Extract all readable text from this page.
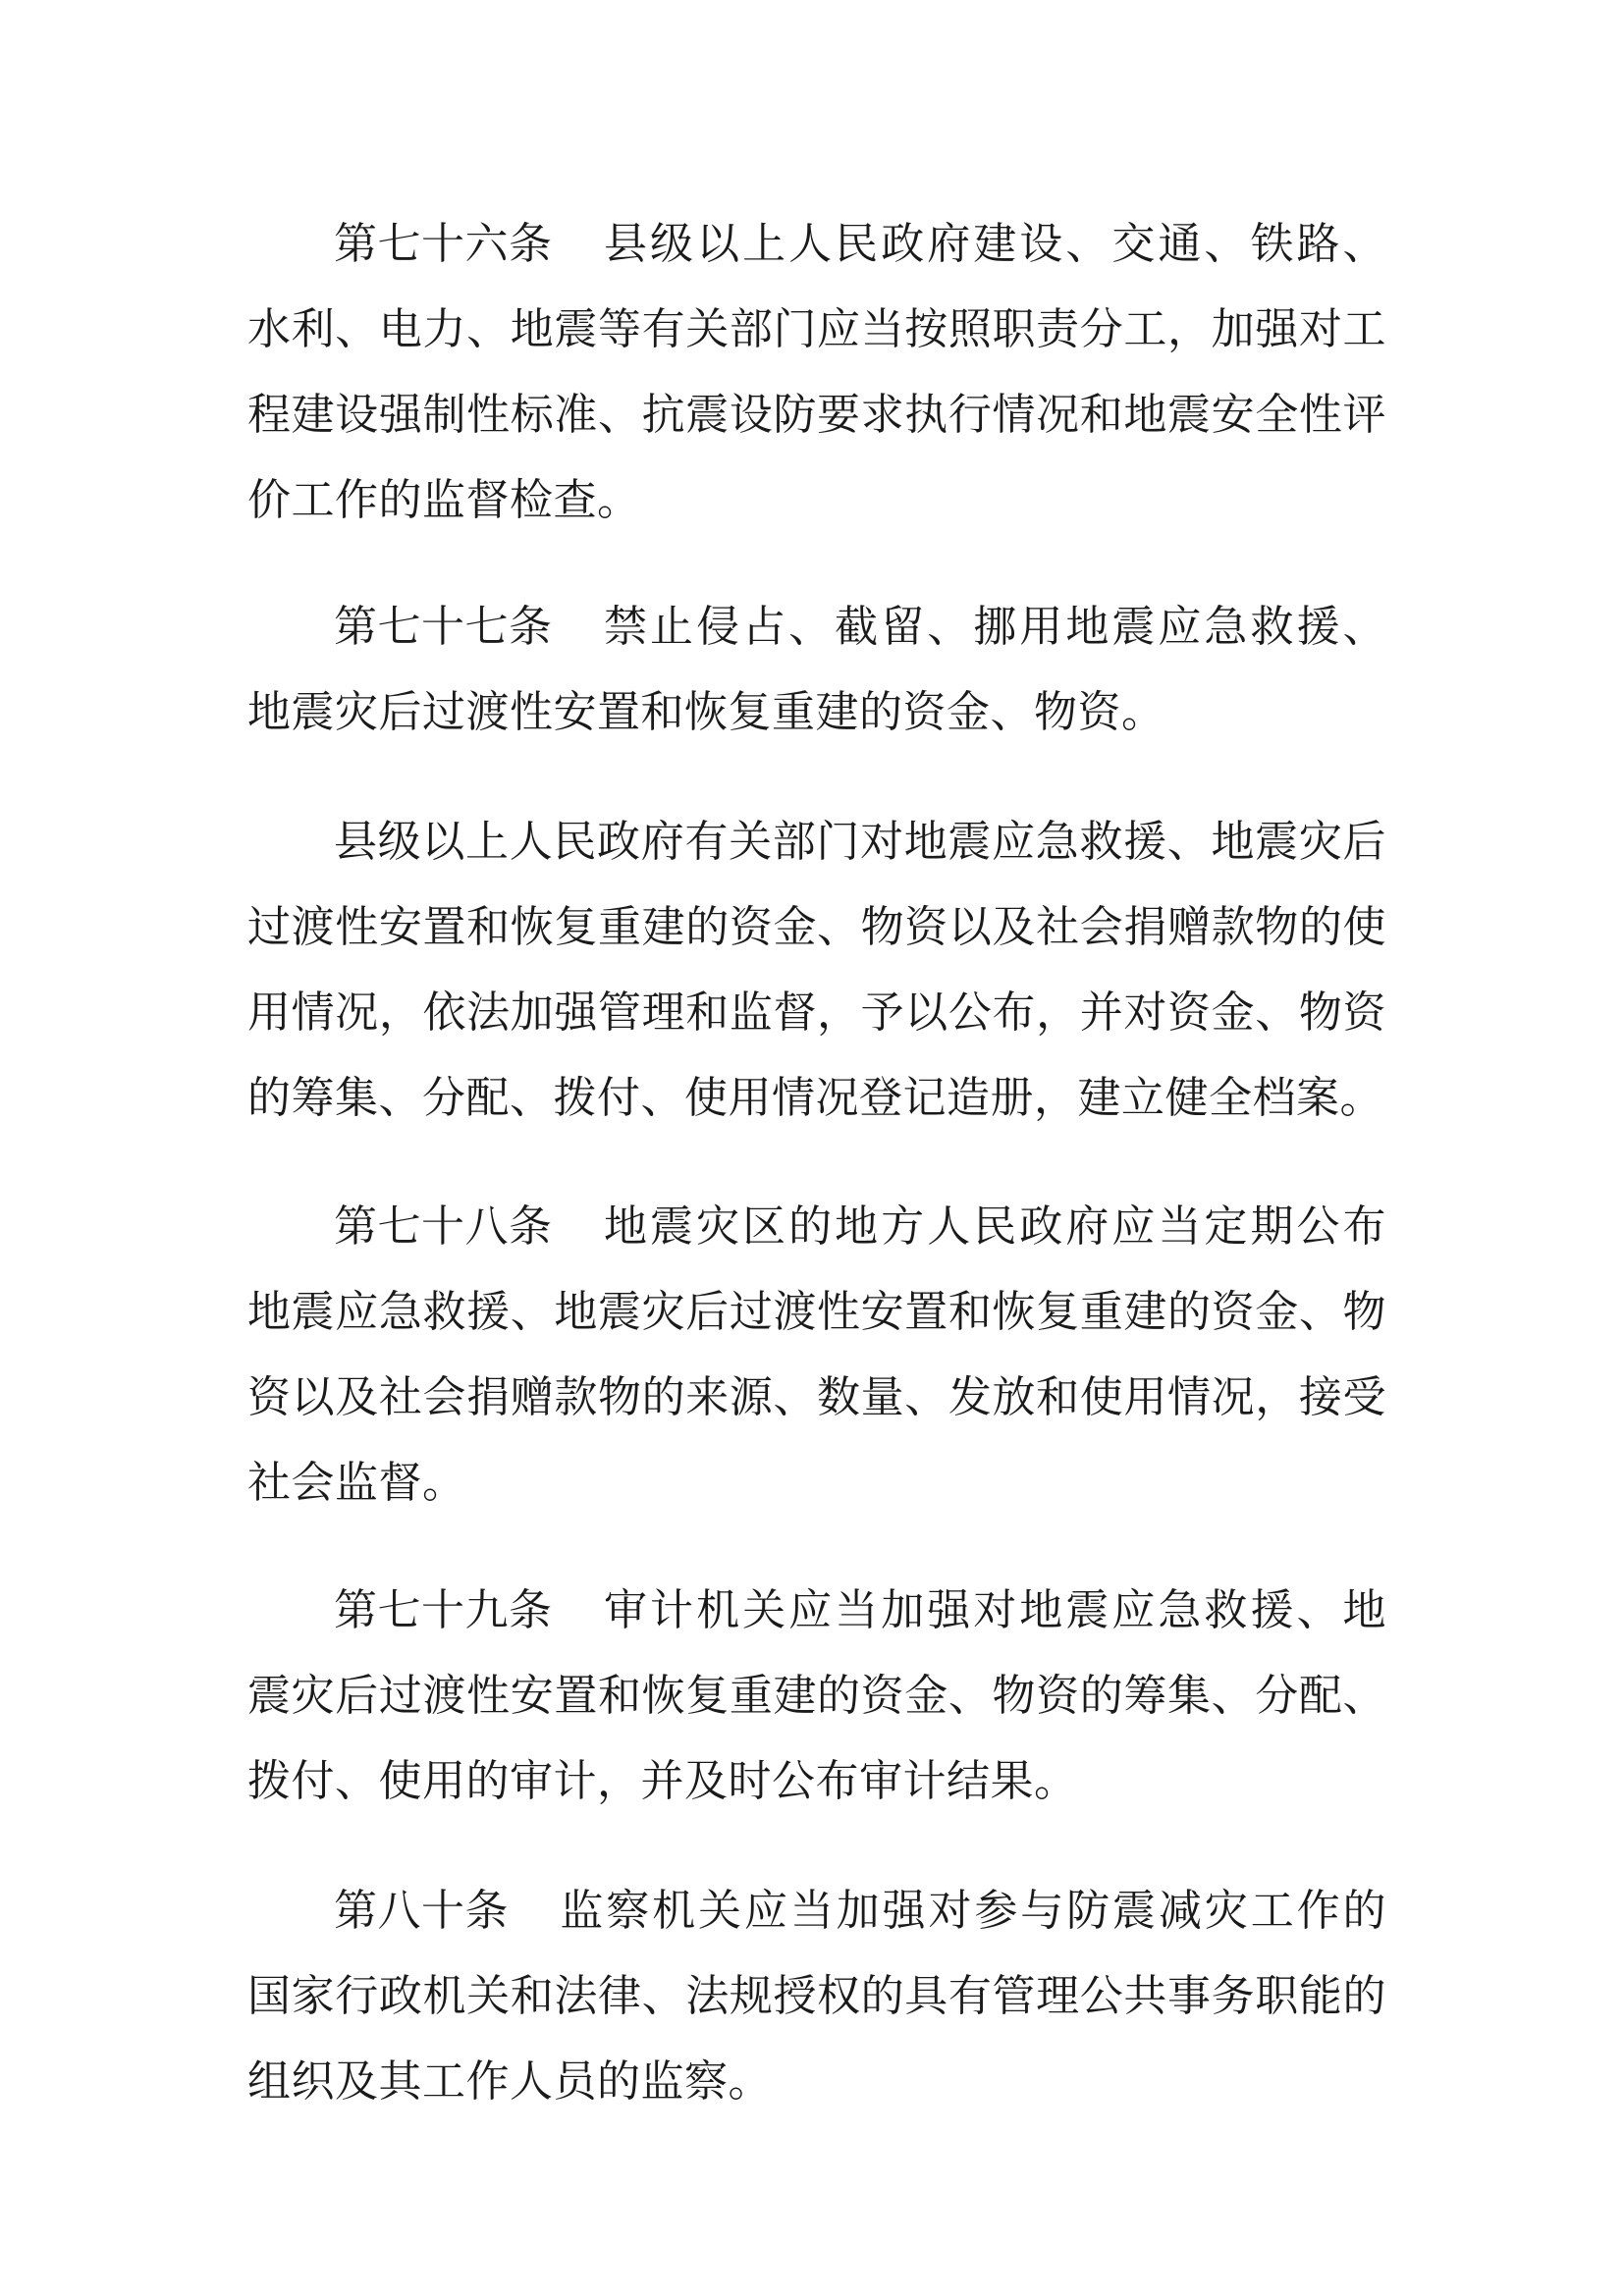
第七十六条 县级以上人民政府建设、交通、铁路、水利、电力、地震等有关部门应当按照职责分工，加强对工程建设强制性标准、抗震设防要求执行情况和地震安全性评价工作的监督检查。

第七十七条 禁止侵占、截留、挪用地震应急救援、地震灾后过渡性安置和恢复重建的资金、物资。

县级以上人民政府有关部门对地震应急救援、地震灾后过渡性安置和恢复重建的资金、物资以及社会捐赠款物的使用情况，依法加强管理和监督，予以公布，并对资金、物资的筹集、分配、拨付、使用情况登记造册，建立健全档案。

第七十八条 地震灾区的地方人民政府应当定期公布地震应急救援、地震灾后过渡性安置和恢复重建的资金、物资以及社会捐赠款物的来源、数量、发放和使用情况，接受社会监督。

第七十九条 审计机关应当加强对地震应急救援、地震灾后过渡性安置和恢复重建的资金、物资的筹集、分配、拨付、使用的审计，并及时公布审计结果。

第八十条 监察机关应当加强对参与防震减灾工作的国家行政机关和法律、法规授权的具有管理公共事务职能的组织及其工作人员的监察。
